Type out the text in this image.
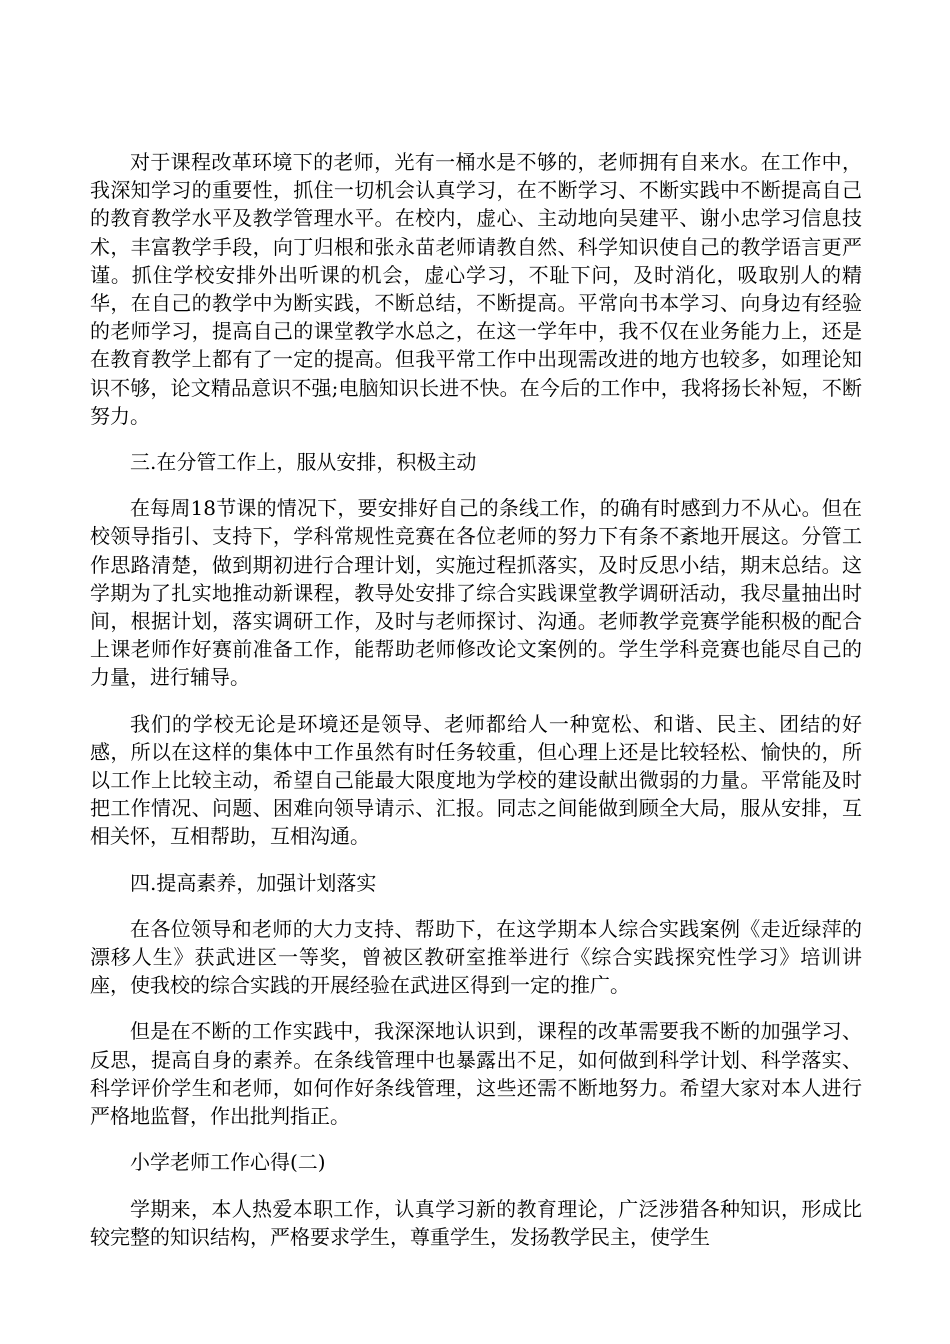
对于课程改革环境下的老师，光有一桶水是不够的，老师拥有自来水。在工作中，我深知学习的重要性，抓住一切机会认真学习，在不断学习、不断实践中不断提高自己的教育教学水平及教学管理水平。在校内，虚心、主动地向吴建平、谢小忠学习信息技术，丰富教学手段，向丁归根和张永苗老师请教自然、科学知识使自己的教学语言更严谨。抓住学校安排外出听课的机会，虚心学习，不耻下问，及时消化，吸取别人的精华，在自己的教学中为断实践，不断总结，不断提高。平常向书本学习、向身边有经验的老师学习，提高自己的课堂教学水总之，在这一学年中，我不仅在业务能力上，还是在教育教学上都有了一定的提高。但我平常工作中出现需改进的地方也较多，如理论知识不够，论文精品意识不强;电脑知识长进不快。在今后的工作中，我将扬长补短，不断努力。

三.在分管工作上，服从安排，积极主动

在每周18节课的情况下，要安排好自己的条线工作，的确有时感到力不从心。但在校领导指引、支持下，学科常规性竞赛在各位老师的努力下有条不紊地开展这。分管工作思路清楚，做到期初进行合理计划，实施过程抓落实，及时反思小结，期末总结。这学期为了扎实地推动新课程，教导处安排了综合实践课堂教学调研活动，我尽量抽出时间，根据计划，落实调研工作，及时与老师探讨、沟通。老师教学竞赛学能积极的配合上课老师作好赛前准备工作，能帮助老师修改论文案例的。学生学科竞赛也能尽自己的力量，进行辅导。

我们的学校无论是环境还是领导、老师都给人一种宽松、和谐、民主、团结的好感，所以在这样的集体中工作虽然有时任务较重，但心理上还是比较轻松、愉快的，所以工作上比较主动，希望自己能最大限度地为学校的建设献出微弱的力量。平常能及时把工作情况、问题、困难向领导请示、汇报。同志之间能做到顾全大局，服从安排，互相关怀，互相帮助，互相沟通。

四.提高素养，加强计划落实

在各位领导和老师的大力支持、帮助下，在这学期本人综合实践案例《走近绿萍的漂移人生》获武进区一等奖，曾被区教研室推举进行《综合实践探究性学习》培训讲座，使我校的综合实践的开展经验在武进区得到一定的推广。

但是在不断的工作实践中，我深深地认识到，课程的改革需要我不断的加强学习、反思，提高自身的素养。在条线管理中也暴露出不足，如何做到科学计划、科学落实、科学评价学生和老师，如何作好条线管理，这些还需不断地努力。希望大家对本人进行严格地监督，作出批判指正。

小学老师工作心得(二)

学期来，本人热爱本职工作，认真学习新的教育理论，广泛涉猎各种知识，形成比较完整的知识结构，严格要求学生，尊重学生，发扬教学民主，使学生
